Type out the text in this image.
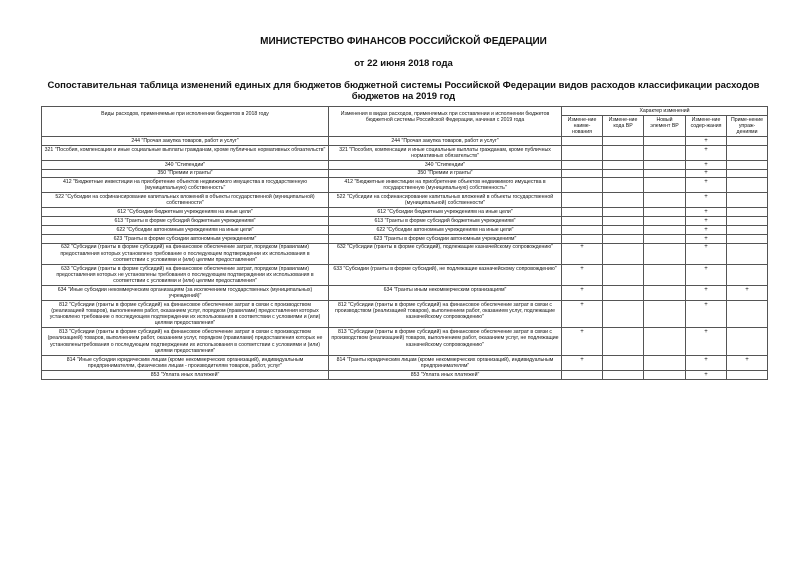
МИНИСТЕРСТВО ФИНАНСОВ РОССИЙСКОЙ ФЕДЕРАЦИИ
от 22 июня 2018 года
Сопоставительная таблица изменений единых для бюджетов бюджетной системы Российской Федерации видов расходов классификации расходов бюджетов на 2019 год
Виды расходов, применяемые при исполнении бюджетов в 2018 году	Изменения в видах расходов, применяемых при составлении и исполнении бюджетов бюджетной системы Российской Федерации, начиная с 2019 года	Характер изменений				
		Измене-ние наиме-нования	Измене-ние кода ВР	Новый элемент ВР	Измене-ние содер-жания	Приме-нение упраж-дениями
244 "Прочая закупка товаров, работ и услуг"	244 "Прочая закупка товаров, работ и услуг"				+	
321 "Пособия, компенсации и иные социальные выплаты гражданам, кроме публичных нормативных обязательств"	321 "Пособия, компенсации и иные социальные выплаты гражданам, кроме публичных нормативных обязательств"				+	
340 "Стипендии"	340 "Стипендии"				+	
350 "Премии и гранты"	350 "Премии и гранты"				+	
412 "Бюджетные инвестиции на приобретение объектов недвижимого имущества в государственную (муниципальную) собственность"	412 "Бюджетные инвестиции на приобретение объектов недвижимого имущества в государственную (муниципальную) собственность"				+	
522 "Субсидии на софинансирование капитальных вложений в объекты государственной (муниципальной) собственности"	522 "Субсидии на софинансирование капитальных вложений в объекты государственной (муниципальной) собственности"				+	
612 "Субсидии бюджетным учреждениям на иные цели"	612 "Субсидии бюджетным учреждениям на иные цели"				+	
613 "Гранты в форме субсидий бюджетным учреждениям"	613 "Гранты в форме субсидий бюджетным учреждениям"				+	
622 "Субсидии автономным учреждениям на иные цели"	622 "Субсидии автономным учреждениям на иные цели"				+	
623 "Гранты в форме субсидии автономным учреждениям"	623 "Гранты в форме субсидии автономным учреждениям"				+	
632 "Субсидии (гранты в форме субсидий) на финансовое обеспечение затрат, порядком (правилами) предоставления которых установлено требование о последующем подтверждении их использования в соответствии с условиями и (или) целями предоставления"	632 "Субсидии (гранты в форме субсидий), подлежащие казначейскому сопровождению"	+			+	
633 "Субсидии (гранты в форме субсидий) на финансовое обеспечение затрат, порядком (правилами) предоставления которых не установлены требования о последующем подтверждении их использования в соответствии с условиями и (или) целями предоставления"	633 "Субсидии (гранты в форме субсидий), не подлежащие казначейскому сопровождению"	+			+	
634 "Иные субсидии некоммерческим организациям (за исключением государственных (муниципальных) учреждений)"	634 "Гранты иным некоммерческим организациям"	+			+	+
812 "Субсидии (гранты в форме субсидий) на финансовое обеспечение затрат в связи с производством (реализацией товаров), выполнением работ, оказанием услуг, порядком (правилами) предоставления которых установлено требование о последующем подтверждении их использования в соответствии с условиями и (или) целями предоставления"	812 "Субсидии (гранты в форме субсидий) на финансовое обеспечение затрат в связи с производством (реализацией товаров), выполнением работ, оказанием услуг, подлежащие казначейскому сопровождению"	+			+	
813 "Субсидии (гранты в форме субсидий) на финансовое обеспечение затрат в связи с производством (реализацией) товаров, выполнением работ, оказанием услуг, порядком (правилами) предоставления которых не установленытребования о последующем подтверждении их использования в соответствии с условиями и (или) целями предоставления"	813 "Субсидии (гранты в форме субсидий) на финансовое обеспечение затрат в связи с производством (реализацией) товаров, выполнением работ, оказанием услуг, не подлежащие казначейскому сопровождению"	+			+	
814 "Иные субсидии юридическим лицам (кроме некоммерческих организаций), индивидуальным предпринимателям, физическим лицам - производителям товаров, работ, услуг"	814 "Гранты юридическим лицам (кроме некоммерческих организаций), индивидуальным предпринимателям"	+			+	+
853 "Уплата иных платежей"	853 "Уплата иных платежей"				+	
